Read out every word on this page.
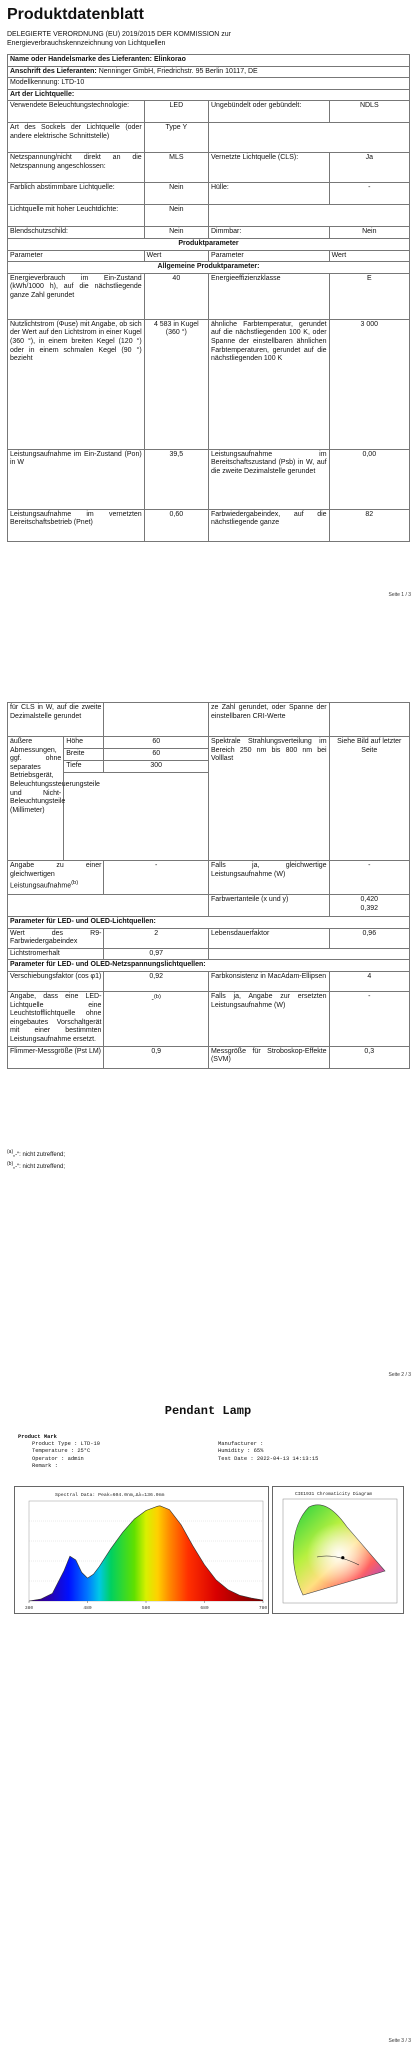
Produktdatenblatt
DELEGIERTE VERORDNUNG (EU) 2019/2015 DER KOMMISSION zur Energieverbrauchskennzeichnung von Lichtquellen
Name oder Handelsmarke des Lieferanten: Elinkorao			
Anschrift des Lieferanten: Nenninger GmbH, Friedrichstr. 95 Berlin 10117, DE			
Modellkennung: LTD-10			
Art der Lichtquelle:			
Verwendete Beleuchtungstechnologie:	LED	Ungebündelt oder gebündelt:	NDLS
Art des Sockels der Lichtquelle (oder andere elektrische Schnittstelle)	Type Y		
Netzspannung/nicht direkt an die Netzspannung angeschlossen:	MLS	Vernetzte Lichtquelle (CLS):	Ja
Farblich abstimmbare Lichtquelle:	Nein	Hülle:	-
Lichtquelle mit hoher Leuchtdichte:	Nein		
Blendschutzschild:	Nein	Dimmbar:	Nein
Produktparameter			
Parameter	Wert	Parameter	Wert
Allgemeine Produktparameter:			
Energieverbrauch im Ein-Zustand (kWh/1000 h), auf die nächstliegende ganze Zahl gerundet	40	Energieeffizienzklasse	E
Nutzlichtstrom (Φuse) mit Angabe, ob sich der Wert auf den Lichtstrom in einer Kugel (360 °), in einem breiten Kegel (120 °) oder in einem schmalen Kegel (90 °) bezieht	4 583 in Kugel (360 °)	ähnliche Farbtemperatur, gerundet auf die nächstliegenden 100 K, oder Spanne der einstellbaren ähnlichen Farbtemperaturen, gerundet auf die nächstliegenden 100 K	3 000
Leistungsaufnahme im Ein-Zustand (Pon) in W	39,5	Leistungsaufnahme im Bereitschaftszustand (Psb) in W, auf die zweite Dezimalstelle gerundet	0,00
Leistungsaufnahme im vernetzten Bereitschaftsbetrieb (Pnet)	0,60	Farbwiedergabeindex, auf die nächstliegende ganze	82
Seite 1 / 3
für CLS in W, auf die zweite Dezimalstelle gerundet			ze Zahl gerundet, oder Spanne der einstellbaren CRI-Werte	
äußere Abmessungen, ggf. ohne separates Betriebsgerät, Beleuchtungssteuerungsteile und Nicht-Beleuchtungsteile (Millimeter)	Höhe	60	Spektrale Strahlungsverteilung im Bereich 250 nm bis 800 nm bei Volllast	Siehe Bild auf letzter Seite
	Breite	60		
	Tiefe	300		

Angabe zu einer gleichwertigen Leistungsaufnahme$^{(b)}$		-	Falls ja, gleichwertige Leistungsaufnahme (W)	-
			Farbwertanteile (x und y)	0,420
0,392
Parameter für LED- und OLED-Lichtquellen:				
Wert des R9-Farbwiedergabeindex		2	Lebensdauerfaktor	0,96
Lichtstromerhalt		0,97		
Parameter für LED- und OLED-Netzspannungslichtquellen:				
Verschiebungsfaktor (cos φ1)		0,92	Farbkonsistenz in MacAdam-Ellipsen	4
Angabe, dass eine LED-Lichtquelle eine Leuchtstofflichtquelle ohne eingebautes Vorschaltgerät mit einer bestimmten Leistungsaufnahme ersetzt.		-$^{(b)}$	Falls ja, Angabe zur ersetzten Leistungsaufnahme (W)	-
Flimmer-Messgröße (Pst LM)		0,9	Messgröße für Stroboskop-Effekte (SVM)	0,3
$^{(a)}$„-“: nicht zutreffend;
$^{(b)}$„-“: nicht zutreffend;
Seite 2 / 3
Pendant Lamp
Product Mark
Product Type : LTD-10	Manufacturer :
Temperature : 25°C	Humidity : 65%
Operator : admin	Test Date : 2022-04-13 14:13:15
Remark :
Spectral Data: Peak=604.0nm,Δλ=136.0nm
380	480	580	680	780
CIE1931 Chromaticity Diagram
Seite 3 / 3
